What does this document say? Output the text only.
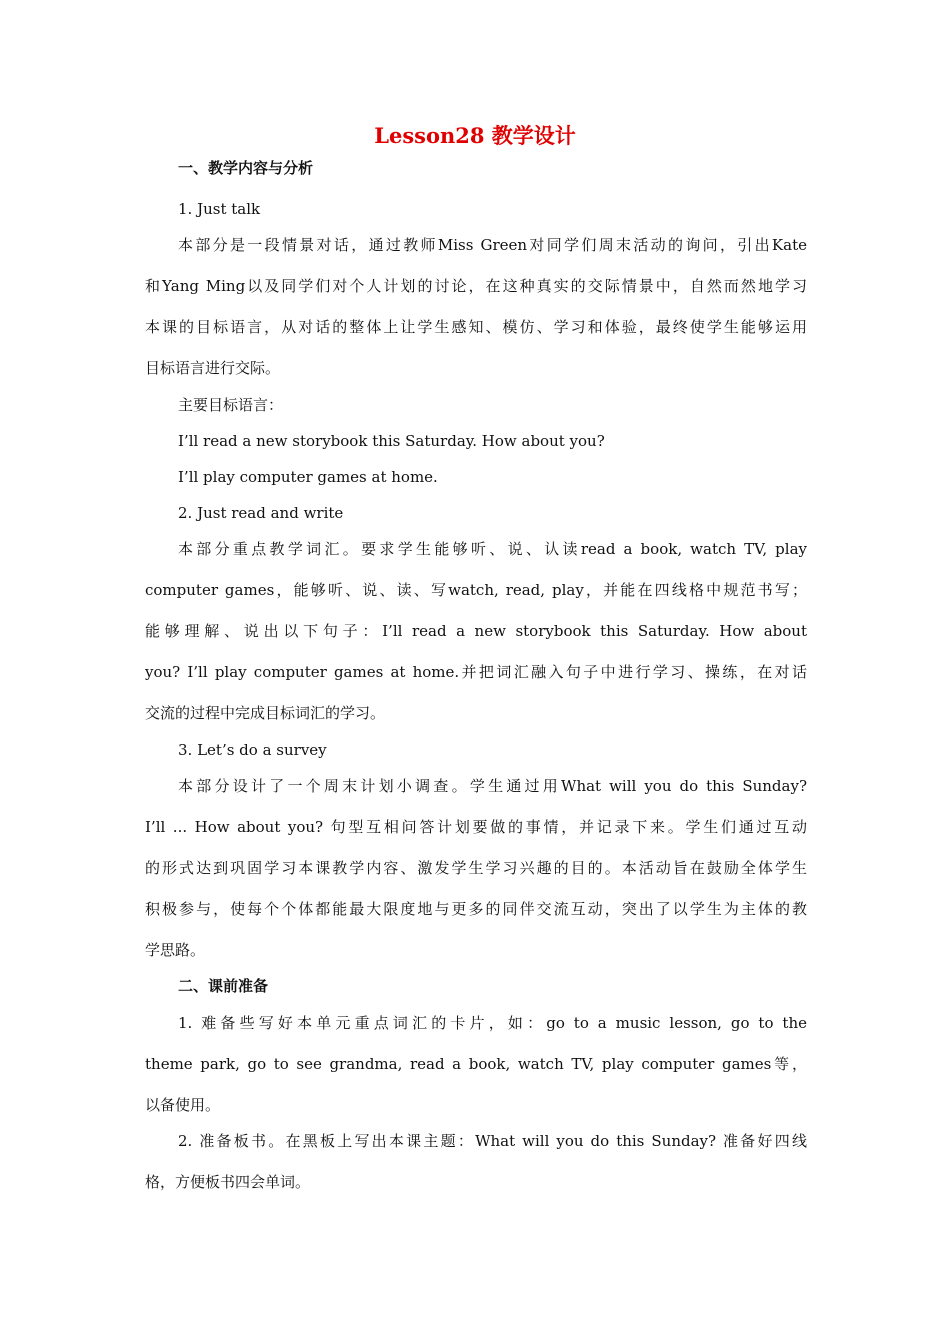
Lesson28 教学设计
一、教学内容与分析
1. Just talk
本部分是一段情景对话，通过教师Miss Green对同学们周末活动的询问，引出Kate
和Yang Ming以及同学们对个人计划的讨论，在这种真实的交际情景中，自然而然地学习
本课的目标语言，从对话的整体上让学生感知、模仿、学习和体验，最终使学生能够运用
目标语言进行交际。
主要目标语言：
I’ll read a new storybook this Saturday. How about you?
I’ll play computer games at home.
2. Just read and write
本部分重点教学词汇。要求学生能够听、说、认读read a book, watch TV, play
computer games，能够听、说、读、写watch, read, play，并能在四线格中规范书写；
能够理解、说出以下句子：I’ll read a new storybook this Saturday. How about
you? I’ll play computer games at home.并把词汇融入句子中进行学习、操练，在对话
交流的过程中完成目标词汇的学习。
3. Let’s do a survey
本部分设计了一个周末计划小调查。学生通过用What will you do this Sunday?
I’ll ... How about you? 句型互相问答计划要做的事情，并记录下来。学生们通过互动
的形式达到巩固学习本课教学内容、激发学生学习兴趣的目的。本活动旨在鼓励全体学生
积极参与，使每个个体都能最大限度地与更多的同伴交流互动，突出了以学生为主体的教
学思路。
二、课前准备
1. 难备些写好本单元重点词汇的卡片，如：go to a music lesson, go to the
theme park, go to see grandma, read a book, watch TV, play computer games等，
以备使用。
2. 准备板书。在黑板上写出本课主题：What will you do this Sunday? 准备好四线
格，方便板书四会单词。
